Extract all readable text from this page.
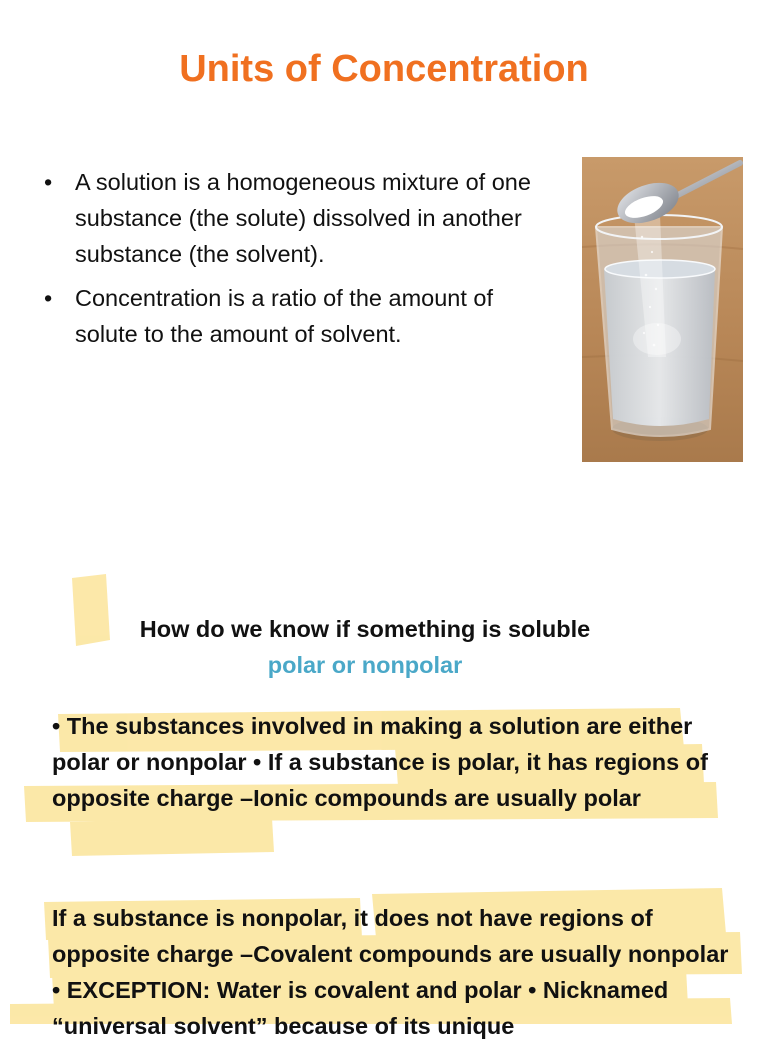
Units of Concentration
• A solution is a homogeneous mixture of one substance (the solute) dissolved in another substance (the solvent).
• Concentration is a ratio of the amount of solute to the amount of solvent.
How do we know if something is soluble
polar or nonpolar
• The substances involved in making a solution are either polar or nonpolar • If a substance is polar, it has regions of opposite charge –Ionic compounds are usually polar
If a substance is nonpolar, it does not have regions of opposite charge –Covalent compounds are usually nonpolar • EXCEPTION: Water is covalent and polar • Nicknamed “universal solvent” because of its unique
